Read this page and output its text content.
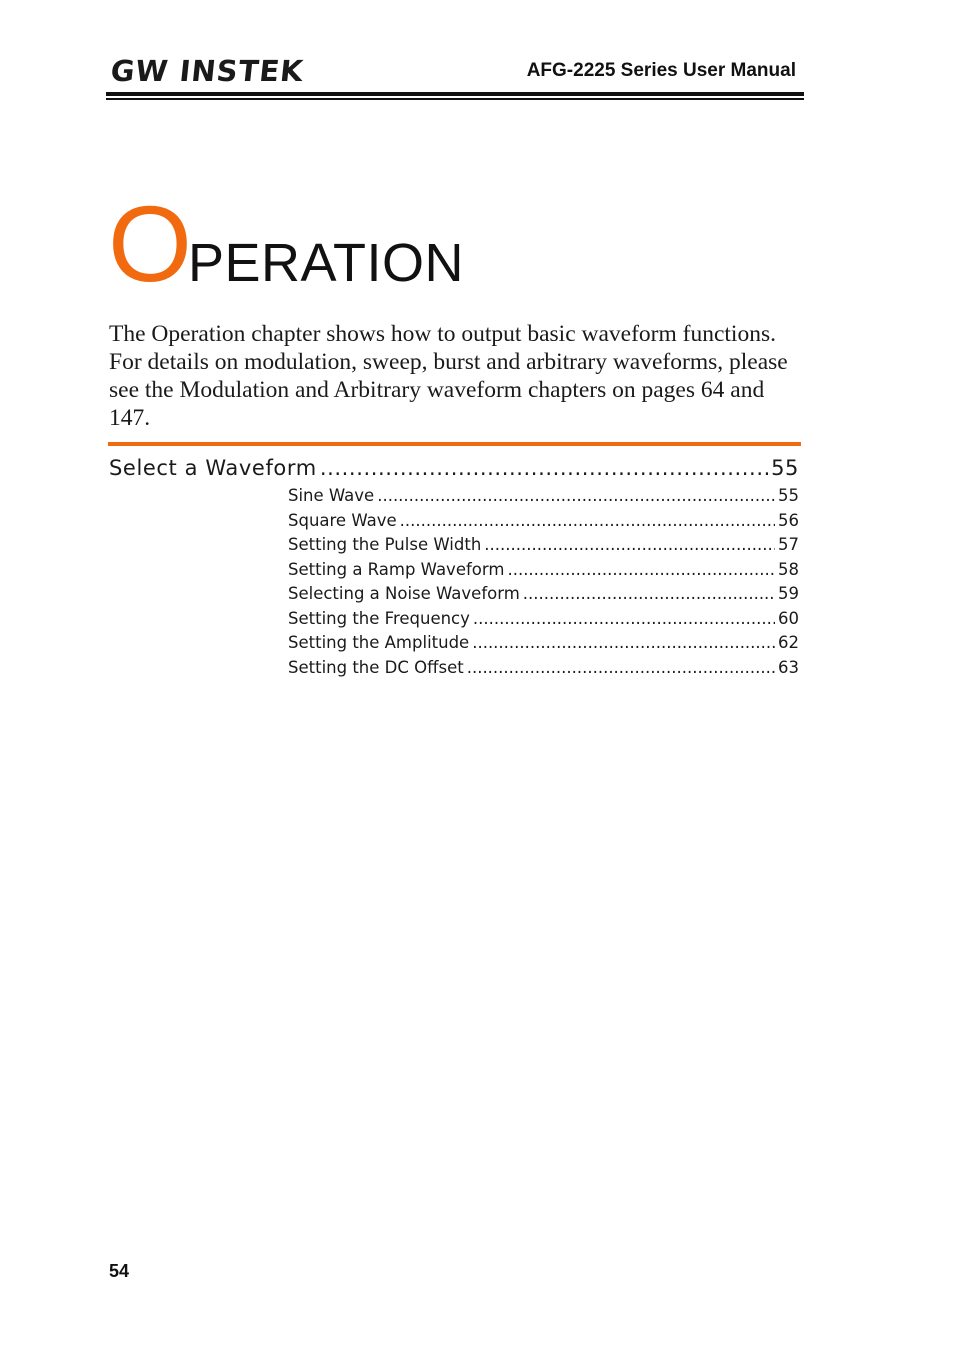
GW INSTEK	AFG-2225 Series User Manual
OPERATION
The Operation chapter shows how to output basic waveform functions. For details on modulation, sweep, burst and arbitrary waveforms, please see the Modulation and Arbitrary waveform chapters on pages 64 and 147.
Select a Waveform .....	55
Sine Wave .....	55
Square Wave .....	56
Setting the Pulse Width .....	57
Setting a Ramp Waveform .....	58
Selecting a Noise Waveform .....	59
Setting the Frequency .....	60
Setting the Amplitude .....	62
Setting the DC Offset .....	63
54
